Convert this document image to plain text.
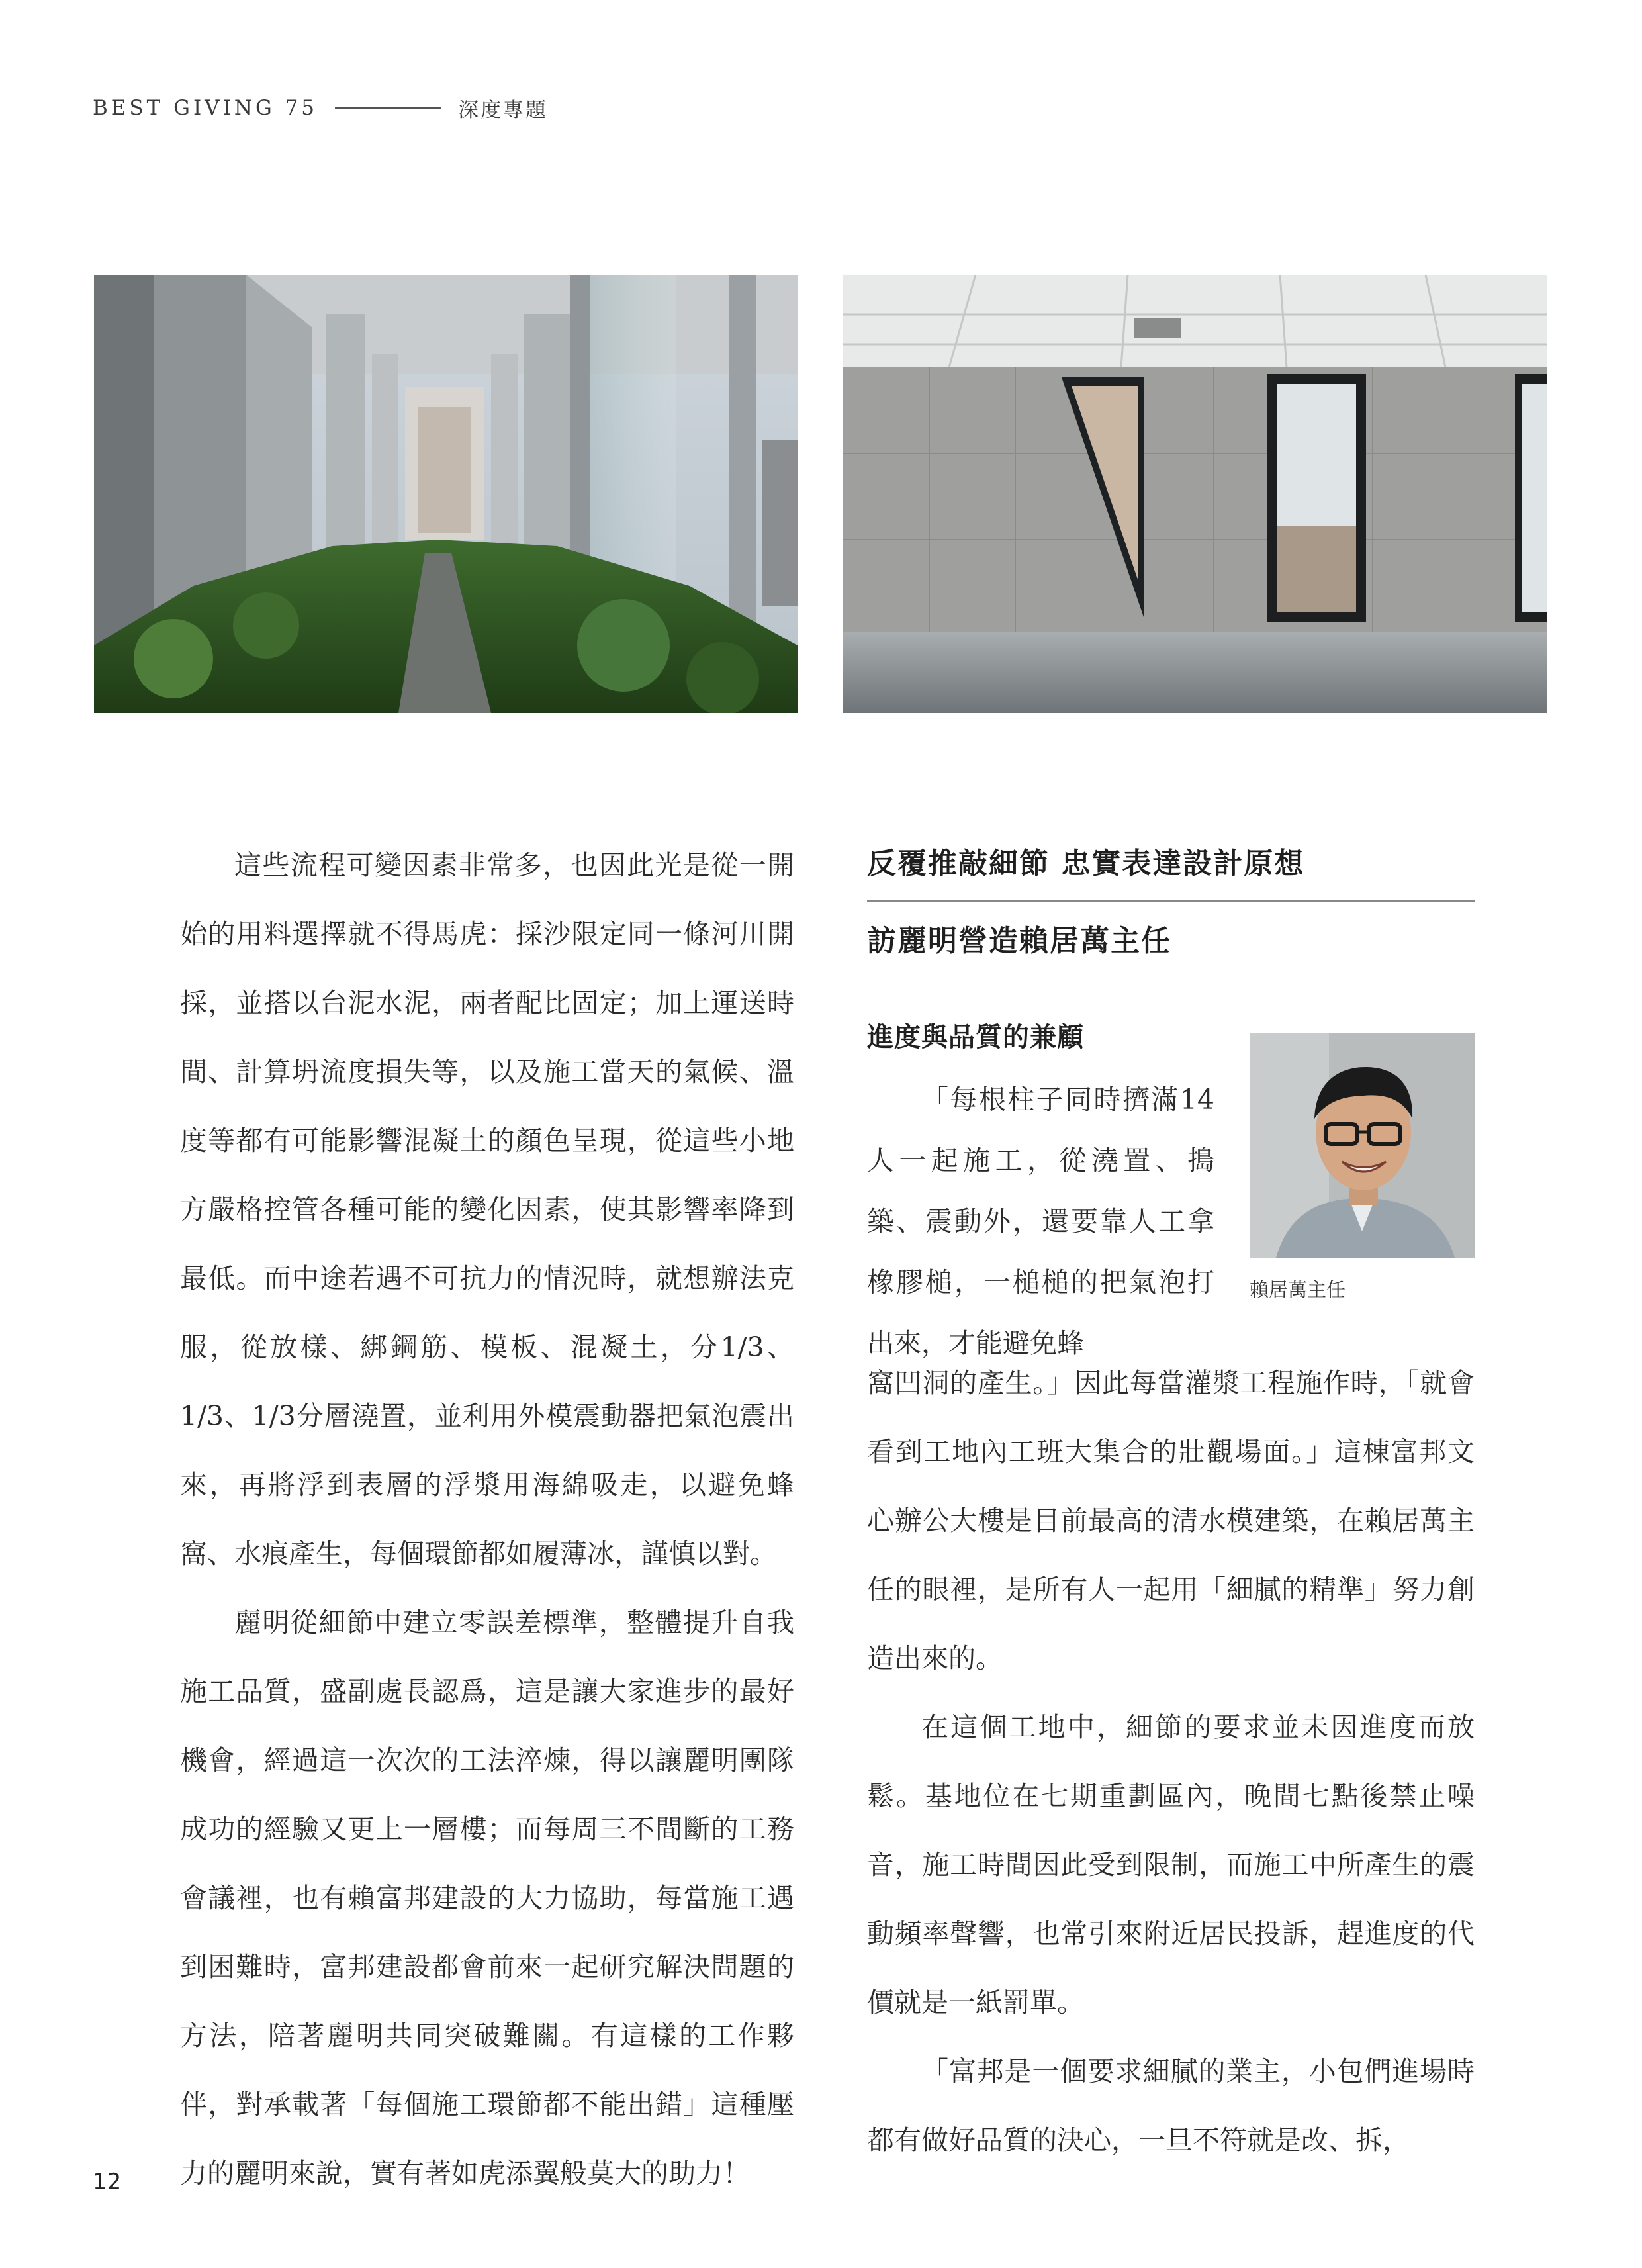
BEST GIVING 75	深度專題

這些流程可變因素非常多，也因此光是從一開始的用料選擇就不得馬虎：採沙限定同一條河川開採，並搭以台泥水泥，兩者配比固定；加上運送時間、計算坍流度損失等，以及施工當天的氣候、溫度等都有可能影響混凝土的顏色呈現，從這些小地方嚴格控管各種可能的變化因素，使其影響率降到最低。而中途若遇不可抗力的情況時，就想辦法克服，從放樣、綁鋼筋、模板、混凝土，分1/3、1/3、1/3分層澆置，並利用外模震動器把氣泡震出來，再將浮到表層的浮漿用海綿吸走，以避免蜂窩、水痕產生，每個環節都如履薄冰，謹慎以對。

麗明從細節中建立零誤差標準，整體提升自我施工品質，盛副處長認爲，這是讓大家進步的最好機會，經過這一次次的工法淬煉，得以讓麗明團隊成功的經驗又更上一層樓；而每周三不間斷的工務會議裡，也有賴富邦建設的大力協助，每當施工遇到困難時，富邦建設都會前來一起研究解決問題的方法，陪著麗明共同突破難關。有這樣的工作夥伴，對承載著「每個施工環節都不能出錯」這種壓力的麗明來說，實有著如虎添翼般莫大的助力！

反覆推敲細節 忠實表達設計原想
訪麗明營造賴居萬主任
進度與品質的兼顧

「每根柱子同時擠滿14人一起施工，從澆置、搗築、震動外，還要靠人工拿橡膠槌，一槌槌的把氣泡打出來，才能避免蜂

賴居萬主任

窩凹洞的產生。」因此每當灌漿工程施作時，「就會看到工地內工班大集合的壯觀場面。」這棟富邦文心辦公大樓是目前最高的清水模建築，在賴居萬主任的眼裡，是所有人一起用「細膩的精準」努力創造出來的。

在這個工地中，細節的要求並未因進度而放鬆。基地位在七期重劃區內，晚間七點後禁止噪音，施工時間因此受到限制，而施工中所產生的震動頻率聲響，也常引來附近居民投訴，趕進度的代價就是一紙罰單。

「富邦是一個要求細膩的業主，小包們進場時都有做好品質的決心，一旦不符就是改、拆，

12
